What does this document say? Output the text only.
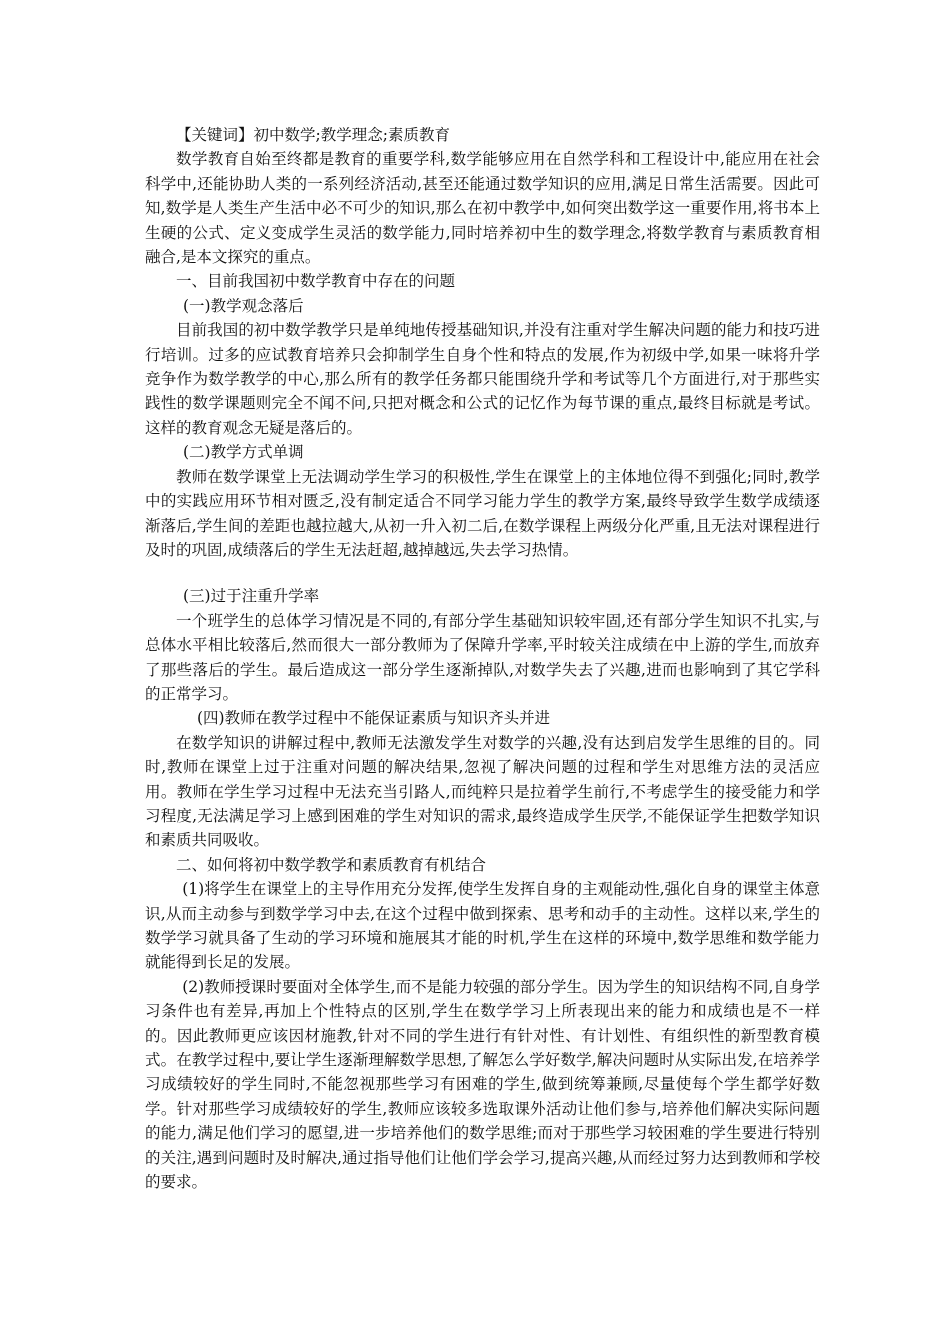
【关键词】初中数学;教学理念;素质教育

数学教育自始至终都是教育的重要学科,数学能够应用在自然学科和工程设计中,能应用在社会科学中,还能协助人类的一系列经济活动,甚至还能通过数学知识的应用,满足日常生活需要。因此可知,数学是人类生产生活中必不可少的知识,那么在初中教学中,如何突出数学这一重要作用,将书本上生硬的公式、定义变成学生灵活的数学能力,同时培养初中生的数学理念,将数学教育与素质教育相融合,是本文探究的重点。

一、目前我国初中数学教育中存在的问题

(一)教学观念落后

目前我国的初中数学教学只是单纯地传授基础知识,并没有注重对学生解决问题的能力和技巧进行培训。过多的应试教育培养只会抑制学生自身个性和特点的发展,作为初级中学,如果一味将升学竞争作为数学教学的中心,那么所有的教学任务都只能围绕升学和考试等几个方面进行,对于那些实践性的数学课题则完全不闻不问,只把对概念和公式的记忆作为每节课的重点,最终目标就是考试。这样的教育观念无疑是落后的。

(二)教学方式单调

教师在数学课堂上无法调动学生学习的积极性,学生在课堂上的主体地位得不到强化;同时,教学中的实践应用环节相对匮乏,没有制定适合不同学习能力学生的教学方案,最终导致学生数学成绩逐渐落后,学生间的差距也越拉越大,从初一升入初二后,在数学课程上两级分化严重,且无法对课程进行及时的巩固,成绩落后的学生无法赶超,越掉越远,失去学习热情。

(三)过于注重升学率

一个班学生的总体学习情况是不同的,有部分学生基础知识较牢固,还有部分学生知识不扎实,与总体水平相比较落后,然而很大一部分教师为了保障升学率,平时较关注成绩在中上游的学生,而放弃了那些落后的学生。最后造成这一部分学生逐渐掉队,对数学失去了兴趣,进而也影响到了其它学科的正常学习。

(四)教师在教学过程中不能保证素质与知识齐头并进

在数学知识的讲解过程中,教师无法激发学生对数学的兴趣,没有达到启发学生思维的目的。同时,教师在课堂上过于注重对问题的解决结果,忽视了解决问题的过程和学生对思维方法的灵活应用。教师在学生学习过程中无法充当引路人,而纯粹只是拉着学生前行,不考虑学生的接受能力和学习程度,无法满足学习上感到困难的学生对知识的需求,最终造成学生厌学,不能保证学生把数学知识和素质共同吸收。

二、如何将初中数学教学和素质教育有机结合

(1)将学生在课堂上的主导作用充分发挥,使学生发挥自身的主观能动性,强化自身的课堂主体意识,从而主动参与到数学学习中去,在这个过程中做到探索、思考和动手的主动性。这样以来,学生的数学学习就具备了生动的学习环境和施展其才能的时机,学生在这样的环境中,数学思维和数学能力就能得到长足的发展。

(2)教师授课时要面对全体学生,而不是能力较强的部分学生。因为学生的知识结构不同,自身学习条件也有差异,再加上个性特点的区别,学生在数学学习上所表现出来的能力和成绩也是不一样的。因此教师更应该因材施教,针对不同的学生进行有针对性、有计划性、有组织性的新型教育模式。在教学过程中,要让学生逐渐理解数学思想,了解怎么学好数学,解决问题时从实际出发,在培养学习成绩较好的学生同时,不能忽视那些学习有困难的学生,做到统筹兼顾,尽量使每个学生都学好数学。针对那些学习成绩较好的学生,教师应该较多选取课外活动让他们参与,培养他们解决实际问题的能力,满足他们学习的愿望,进一步培养他们的数学思维;而对于那些学习较困难的学生要进行特别的关注,遇到问题时及时解决,通过指导他们让他们学会学习,提高兴趣,从而经过努力达到教师和学校的要求。
